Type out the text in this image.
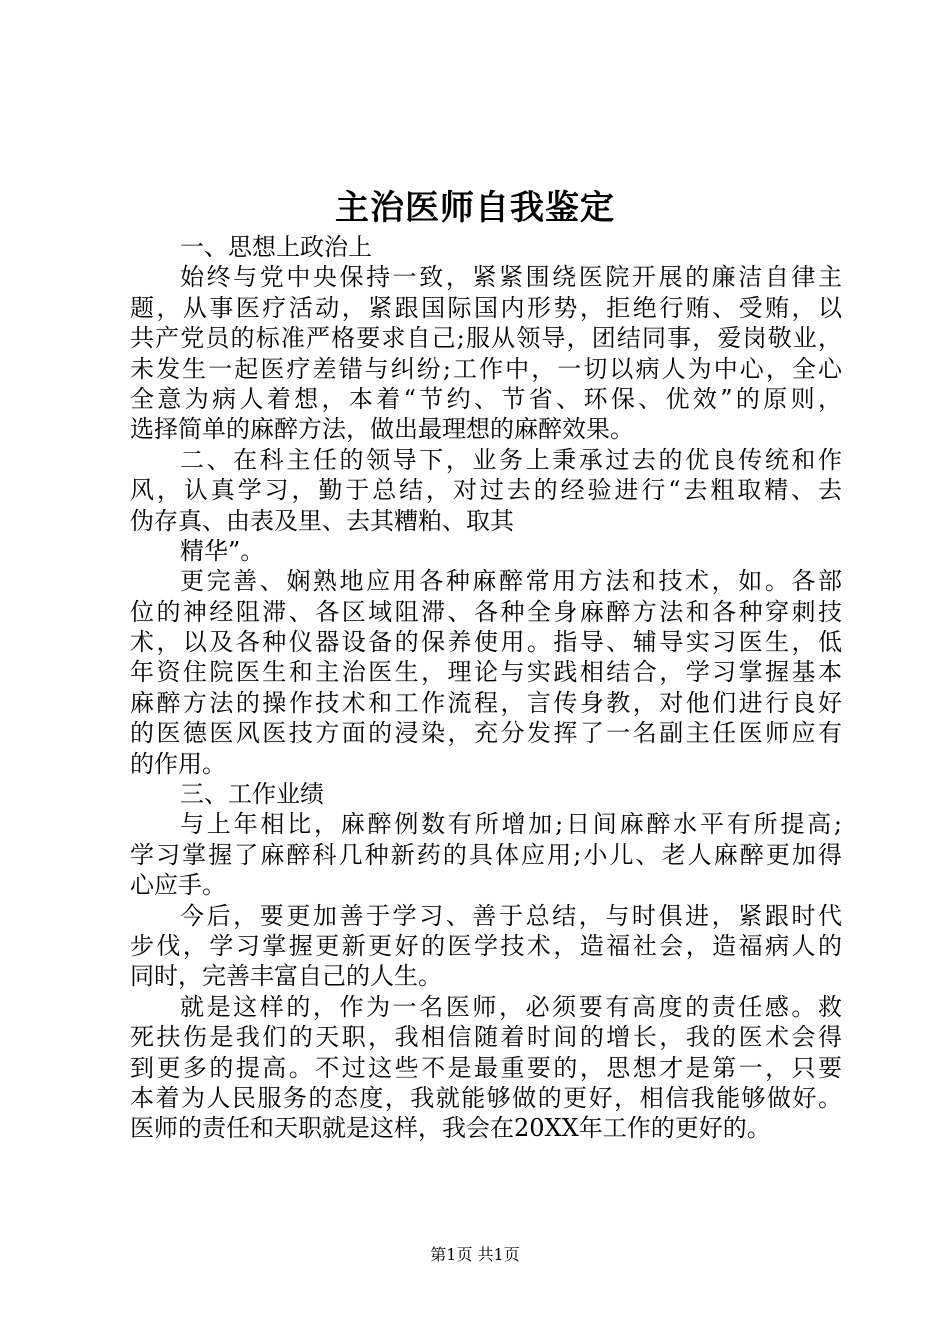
主治医师自我鉴定
一、思想上政治上
始终与党中央保持一致，紧紧围绕医院开展的廉洁自律主
题，从事医疗活动，紧跟国际国内形势，拒绝行贿、受贿，以
共产党员的标准严格要求自己;服从领导，团结同事，爱岗敬业，
未发生一起医疗差错与纠纷;工作中，一切以病人为中心，全心
全意为病人着想，本着“节约、节省、环保、优效”的原则，
选择简单的麻醉方法，做出最理想的麻醉效果。
二、在科主任的领导下，业务上秉承过去的优良传统和作
风，认真学习，勤于总结，对过去的经验进行“去粗取精、去
伪存真、由表及里、去其糟粕、取其
精华”。
更完善、娴熟地应用各种麻醉常用方法和技术，如。各部
位的神经阻滞、各区域阻滞、各种全身麻醉方法和各种穿刺技
术，以及各种仪器设备的保养使用。指导、辅导实习医生，低
年资住院医生和主治医生，理论与实践相结合，学习掌握基本
麻醉方法的操作技术和工作流程，言传身教，对他们进行良好
的医德医风医技方面的浸染，充分发挥了一名副主任医师应有
的作用。
三、工作业绩
与上年相比，麻醉例数有所增加;日间麻醉水平有所提高;
学习掌握了麻醉科几种新药的具体应用;小儿、老人麻醉更加得
心应手。
今后，要更加善于学习、善于总结，与时俱进，紧跟时代
步伐，学习掌握更新更好的医学技术，造福社会，造福病人的
同时，完善丰富自己的人生。
就是这样的，作为一名医师，必须要有高度的责任感。救
死扶伤是我们的天职，我相信随着时间的增长，我的医术会得
到更多的提高。不过这些不是最重要的，思想才是第一，只要
本着为人民服务的态度，我就能够做的更好，相信我能够做好。
医师的责任和天职就是这样，我会在20XX年工作的更好的。
第1页 共1页
